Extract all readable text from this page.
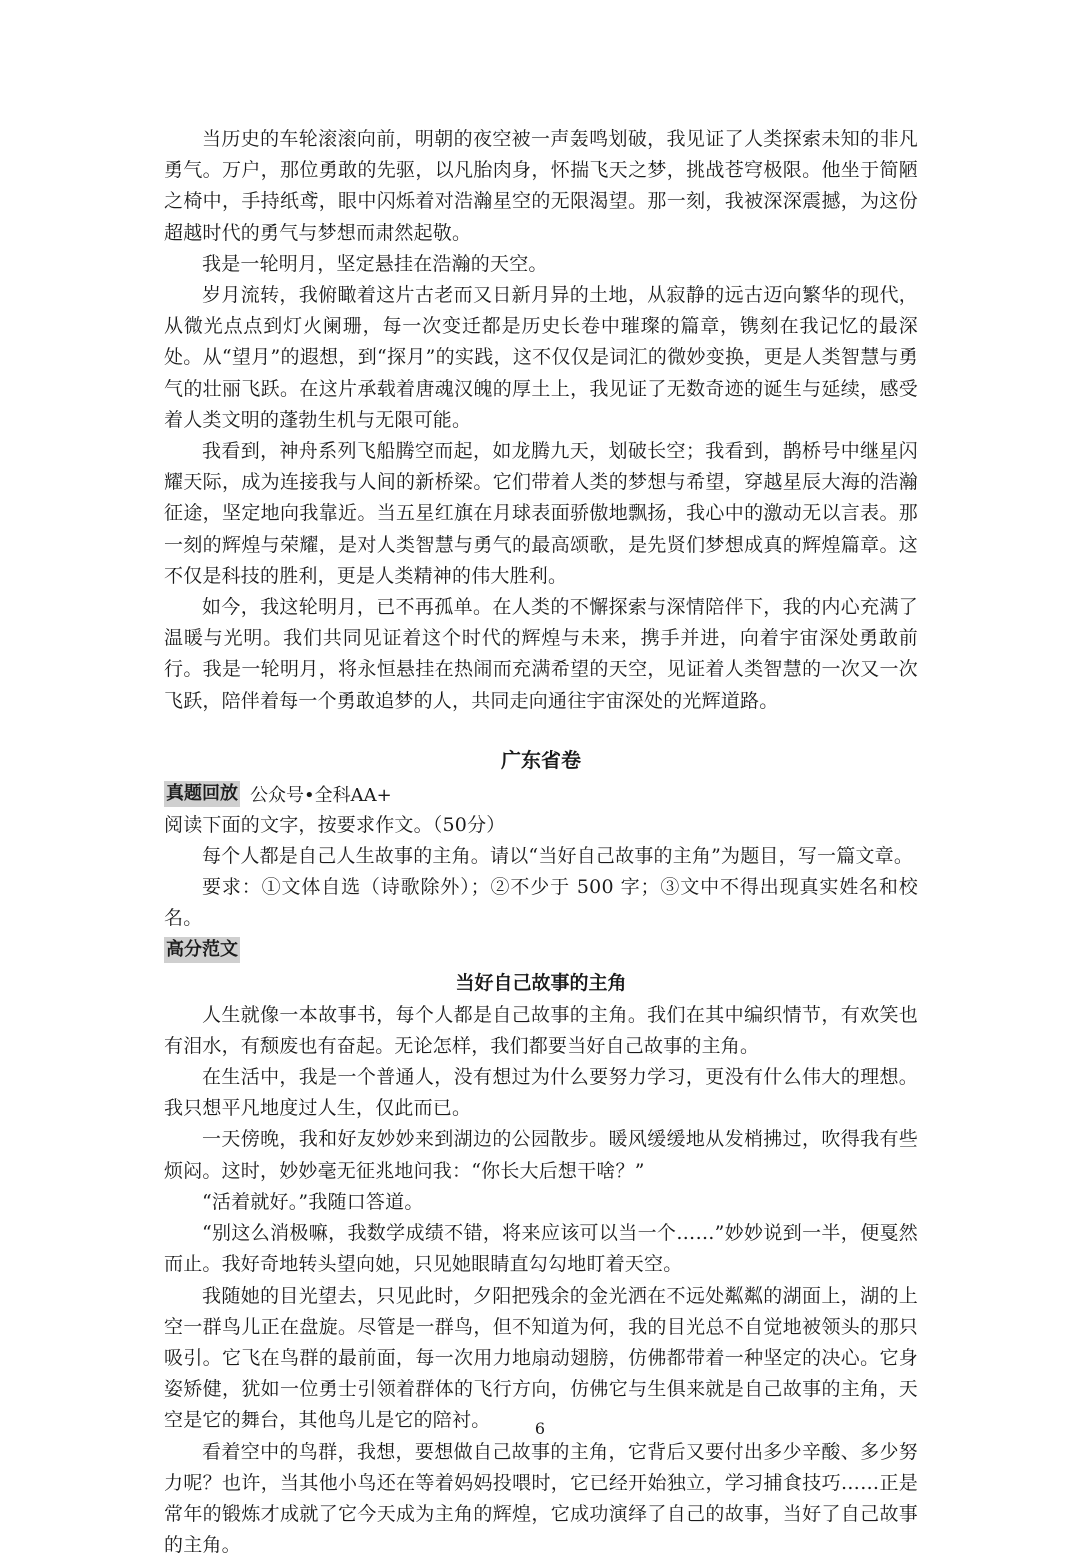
当历史的车轮滚滚向前，明朝的夜空被一声轰鸣划破，我见证了人类探索未知的非凡勇气。万户，那位勇敢的先驱，以凡胎肉身，怀揣飞天之梦，挑战苍穹极限。他坐于简陋之椅中，手持纸鸢，眼中闪烁着对浩瀚星空的无限渴望。那一刻，我被深深震撼，为这份超越时代的勇气与梦想而肃然起敬。

我是一轮明月，坚定悬挂在浩瀚的天空。

岁月流转，我俯瞰着这片古老而又日新月异的土地，从寂静的远古迈向繁华的现代，从微光点点到灯火阑珊，每一次变迁都是历史长卷中璀璨的篇章，镌刻在我记忆的最深处。从“望月”的遐想，到“探月”的实践，这不仅仅是词汇的微妙变换，更是人类智慧与勇气的壮丽飞跃。在这片承载着唐魂汉魄的厚土上，我见证了无数奇迹的诞生与延续，感受着人类文明的蓬勃生机与无限可能。

我看到，神舟系列飞船腾空而起，如龙腾九天，划破长空；我看到，鹊桥号中继星闪耀天际，成为连接我与人间的新桥梁。它们带着人类的梦想与希望，穿越星辰大海的浩瀚征途，坚定地向我靠近。当五星红旗在月球表面骄傲地飘扬，我心中的激动无以言表。那一刻的辉煌与荣耀，是对人类智慧与勇气的最高颂歌，是先贤们梦想成真的辉煌篇章。这不仅是科技的胜利，更是人类精神的伟大胜利。

如今，我这轮明月，已不再孤单。在人类的不懈探索与深情陪伴下，我的内心充满了温暖与光明。我们共同见证着这个时代的辉煌与未来，携手并进，向着宇宙深处勇敢前行。我是一轮明月，将永恒悬挂在热闹而充满希望的天空，见证着人类智慧的一次又一次飞跃，陪伴着每一个勇敢追梦的人，共同走向通往宇宙深处的光辉道路。

广东省卷
真题回放 公众号•全科AA+

阅读下面的文字，按要求作文。（50分）

每个人都是自己人生故事的主角。请以“当好自己故事的主角”为题目，写一篇文章。

要求：①文体自选（诗歌除外）；②不少于 500 字；③文中不得出现真实姓名和校名。

高分范文
当好自己故事的主角

人生就像一本故事书，每个人都是自己故事的主角。我们在其中编织情节，有欢笑也有泪水，有颓废也有奋起。无论怎样，我们都要当好自己故事的主角。

在生活中，我是一个普通人，没有想过为什么要努力学习，更没有什么伟大的理想。我只想平凡地度过人生，仅此而已。

一天傍晚，我和好友妙妙来到湖边的公园散步。暖风缓缓地从发梢拂过，吹得我有些烦闷。这时，妙妙毫无征兆地问我：“你长大后想干啥？”

“活着就好。”我随口答道。

“别这么消极嘛，我数学成绩不错，将来应该可以当一个……”妙妙说到一半，便戛然而止。我好奇地转头望向她，只见她眼睛直勾勾地盯着天空。

我随她的目光望去，只见此时，夕阳把残余的金光洒在不远处粼粼的湖面上，湖的上空一群鸟儿正在盘旋。尽管是一群鸟，但不知道为何，我的目光总不自觉地被领头的那只吸引。它飞在鸟群的最前面，每一次用力地扇动翅膀，仿佛都带着一种坚定的决心。它身姿矫健，犹如一位勇士引领着群体的飞行方向，仿佛它与生俱来就是自己故事的主角，天空是它的舞台，其他鸟儿是它的陪衬。

看着空中的鸟群，我想，要想做自己故事的主角，它背后又要付出多少辛酸、多少努力呢？也许，当其他小鸟还在等着妈妈投喂时，它已经开始独立，学习捕食技巧……正是常年的锻炼才成就了它今天成为主角的辉煌，它成功演绎了自己的故事，当好了自己故事的主角。

6
